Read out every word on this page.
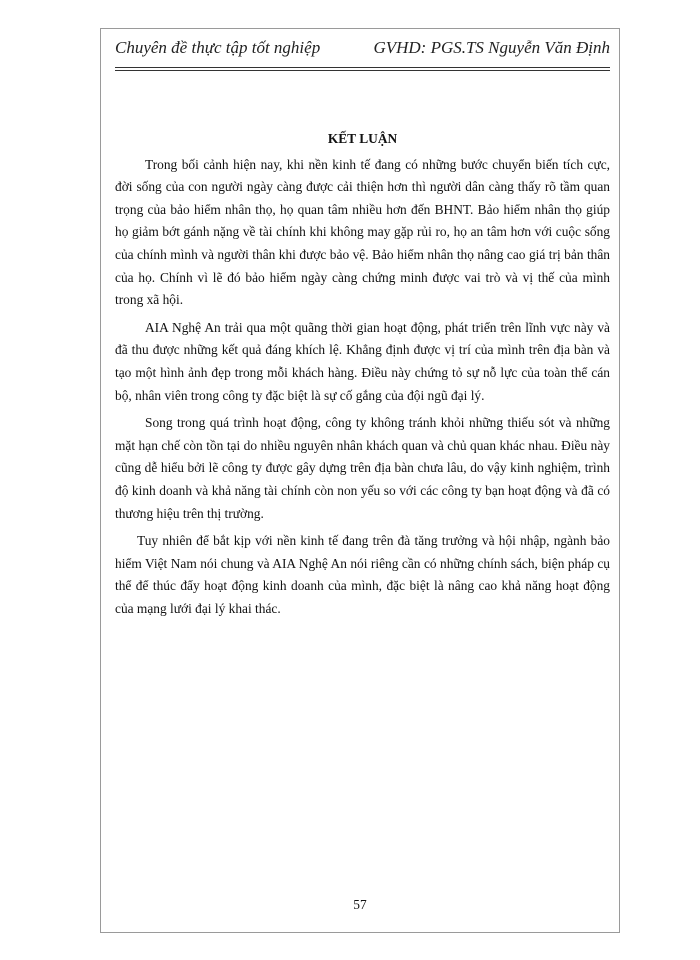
Chuyên đề thực tập tốt nghiệp	GVHD: PGS.TS Nguyễn Văn Định
KẾT LUẬN

Trong bối cảnh hiện nay, khi nền kinh tế đang có những bước chuyển biến tích cực, đời sống của con người ngày càng được cải thiện hơn thì người dân càng thấy rõ tầm quan trọng của bảo hiểm nhân thọ, họ quan tâm nhiều hơn đến BHNT. Bảo hiểm nhân thọ giúp họ giảm bớt gánh nặng về tài chính khi không may gặp rủi ro, họ an tâm hơn với cuộc sống của chính mình và người thân khi được bảo vệ. Bảo hiểm nhân thọ nâng cao giá trị bản thân của họ. Chính vì lẽ đó bảo hiểm ngày càng chứng minh được vai trò và vị thế của mình trong xã hội.

AIA Nghệ An trải qua một quãng thời gian hoạt động, phát triển trên lĩnh vực này và đã thu được những kết quả đáng khích lệ. Khẳng định được vị trí của mình trên địa bàn và tạo một hình ảnh đẹp trong mỗi khách hàng. Điều này chứng tỏ sự nỗ lực của toàn thể cán bộ, nhân viên trong công ty đặc biệt là sự cố gắng của đội ngũ đại lý.

Song trong quá trình hoạt động, công ty không tránh khỏi những thiếu sót và những mặt hạn chế còn tồn tại do nhiều nguyên nhân khách quan và chủ quan khác nhau. Điều này cũng dễ hiểu bởi lẽ công ty được gây dựng trên địa bàn chưa lâu, do vậy kinh nghiệm, trình độ kinh doanh và khả năng tài chính còn non yếu so với các công ty bạn hoạt động và đã có thương hiệu trên thị trường.

Tuy nhiên để bắt kịp với nền kinh tế đang trên đà tăng trưởng và hội nhập, ngành bảo hiểm Việt Nam nói chung và AIA Nghệ An nói riêng cần có những chính sách, biện pháp cụ thể để thúc đẩy hoạt động kinh doanh của mình, đặc biệt là nâng cao khả năng hoạt động của mạng lưới đại lý khai thác.

57
